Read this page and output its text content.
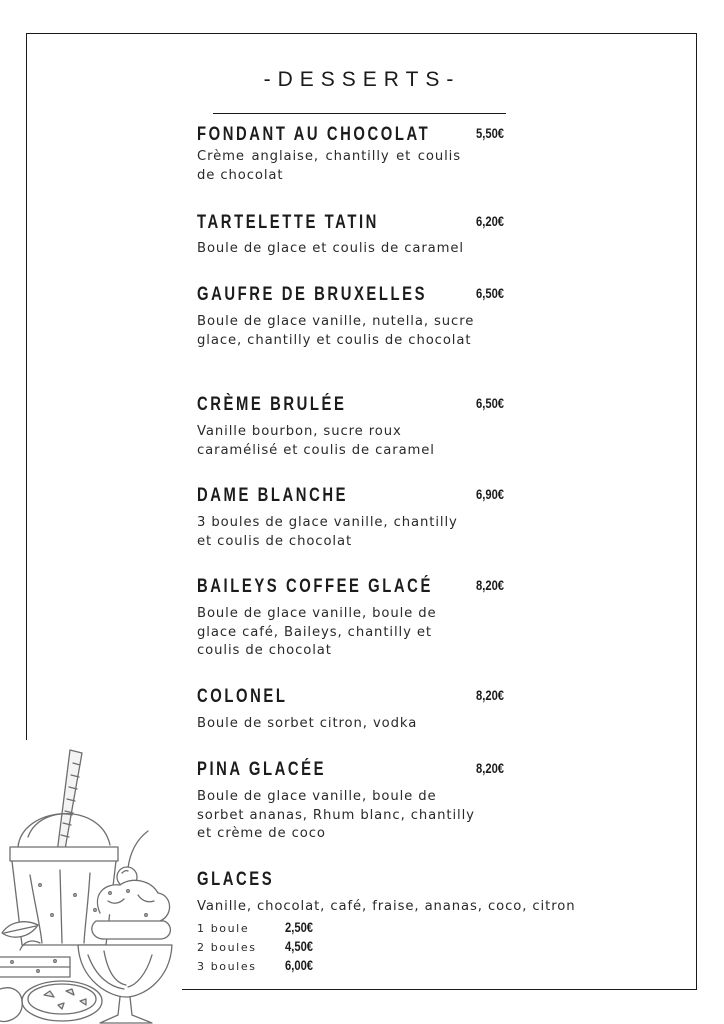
-DESSERTS-
FONDANT AU CHOCOLAT	5,50€
Crème anglaise, chantilly et coulis de chocolat
TARTELETTE TATIN	6,20€
Boule de glace et coulis de caramel
GAUFRE DE BRUXELLES	6,50€
Boule de glace vanille, nutella, sucre glace, chantilly et coulis de chocolat
CRÈME BRULÉE	6,50€
Vanille bourbon, sucre roux caramélisé et coulis de caramel
DAME BLANCHE	6,90€
3 boules de glace vanille, chantilly et coulis de chocolat
BAILEYS COFFEE GLACÉ	8,20€
Boule de glace vanille, boule de glace café, Baileys, chantilly et coulis de chocolat
COLONEL	8,20€
Boule de sorbet citron, vodka
PINA GLACÉE	8,20€
Boule de glace vanille, boule de sorbet ananas, Rhum blanc, chantilly et crème de coco
GLACES
Vanille, chocolat, café, fraise, ananas, coco, citron
1 boule	2,50€
2 boules 4,50€
3 boules 6,00€
